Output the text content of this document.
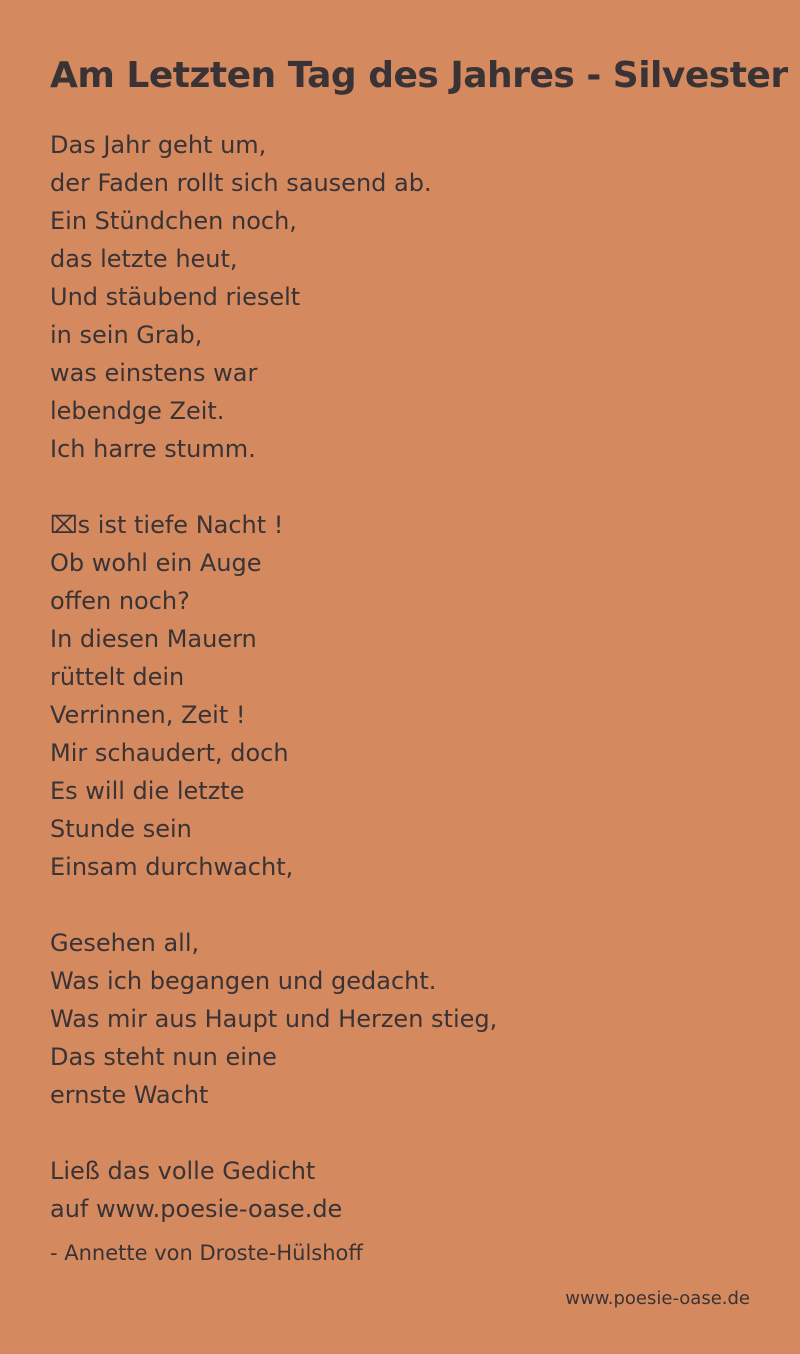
Am Letzten Tag des Jahres - Silvester
Das Jahr geht um,
der Faden rollt sich sausend ab.
Ein Stündchen noch,
das letzte heut,
Und stäubend rieselt
in sein Grab,
was einstens war
lebendge Zeit.
Ich harre stumm.
⌧s ist tiefe Nacht !
Ob wohl ein Auge
offen noch?
In diesen Mauern
rüttelt dein
Verrinnen, Zeit !
Mir schaudert, doch
Es will die letzte
Stunde sein
Einsam durchwacht,
Gesehen all,
Was ich begangen und gedacht.
Was mir aus Haupt und Herzen stieg,
Das steht nun eine
ernste Wacht
Ließ das volle Gedicht
auf www.poesie-oase.de
- Annette von Droste-Hülshoff
www.poesie-oase.de
